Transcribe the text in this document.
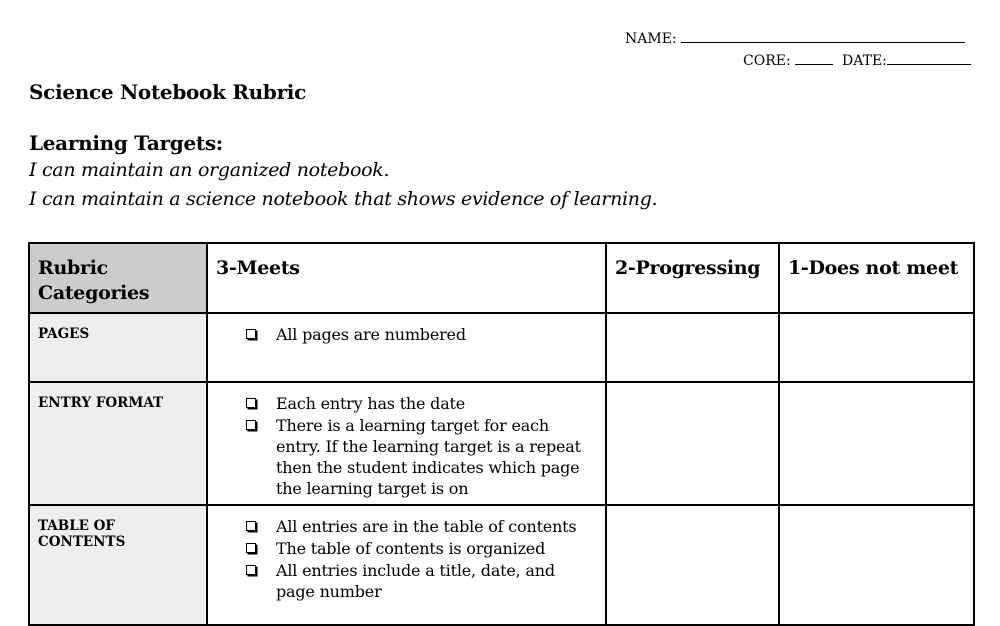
NAME:
CORE:	DATE:
Science Notebook Rubric
Learning Targets:
I can maintain an organized notebook.
I can maintain a science notebook that shows evidence of learning.
Rubric Categories	3-Meets	2-Progressing	1-Does not meet

PAGES	All pages are numbered		

ENTRY FORMAT	Each entry has the date
There is a learning target for each entry. If the learning target is a repeat then the student indicates which page the learning target is on		

TABLE OF CONTENTS	All entries are in the table of contents
The table of contents is organized
All entries include a title, date, and page number		
